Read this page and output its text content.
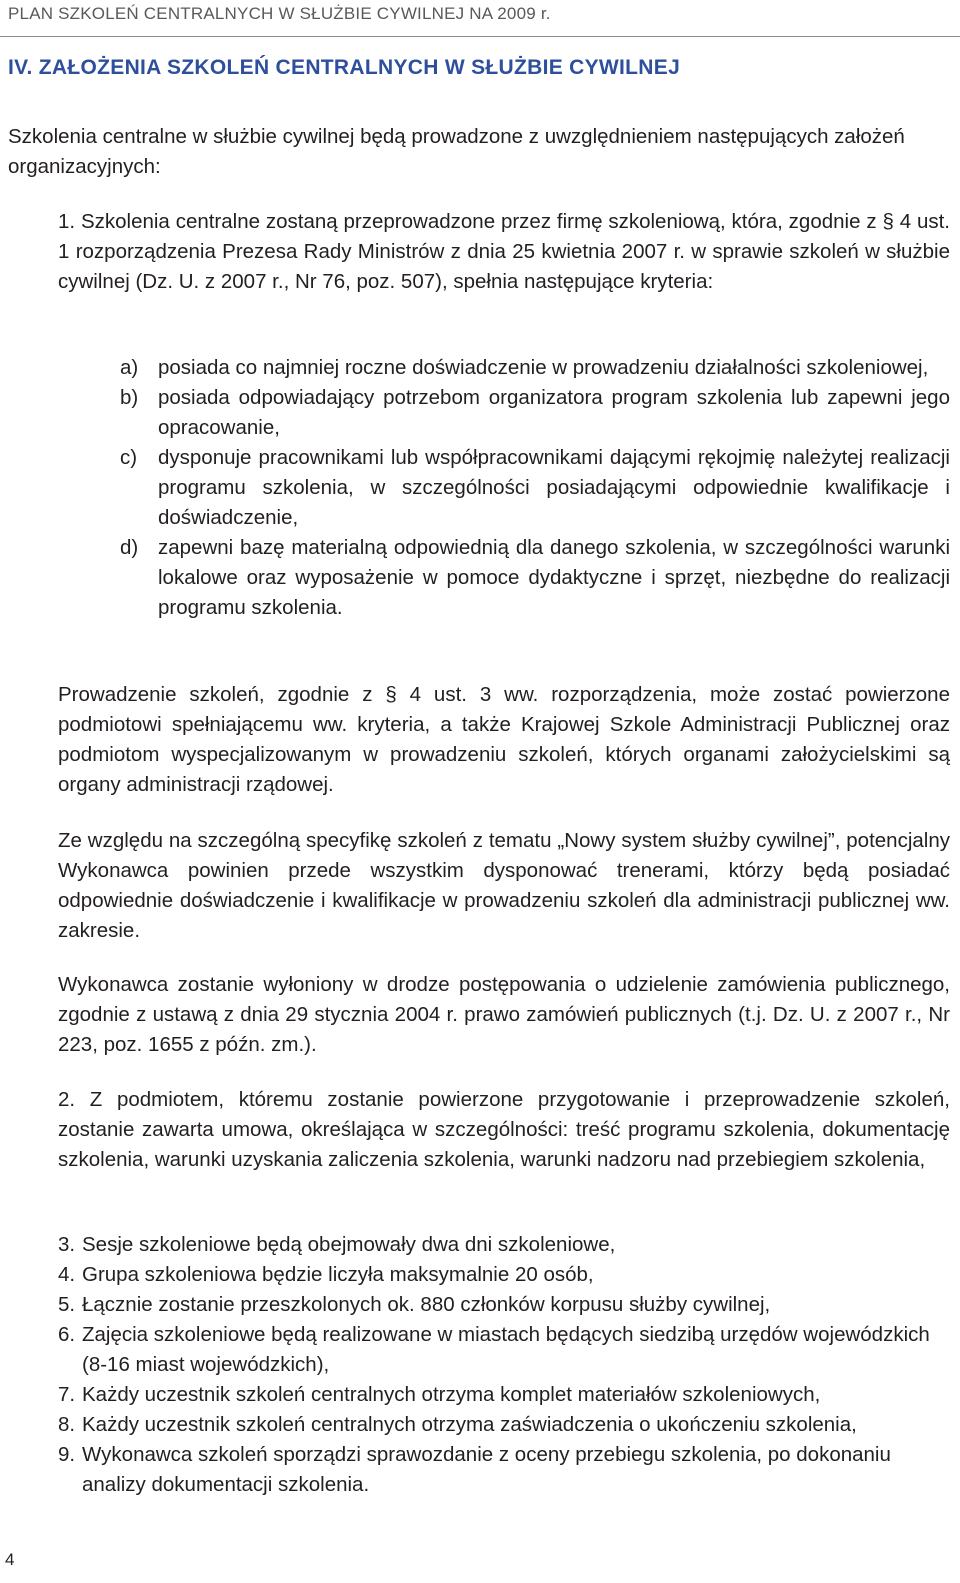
PLAN SZKOLEŃ CENTRALNYCH W SŁUŻBIE CYWILNEJ NA 2009 r.
IV. ZAŁOŻENIA SZKOLEŃ CENTRALNYCH W SŁUŻBIE CYWILNEJ

Szkolenia centralne w służbie cywilnej będą prowadzone z uwzględnieniem następujących założeń organizacyjnych:

1. Szkolenia centralne zostaną przeprowadzone przez firmę szkoleniową, która, zgodnie z § 4 ust. 1 rozporządzenia Prezesa Rady Ministrów z dnia 25 kwietnia 2007 r. w sprawie szkoleń w służbie cywilnej (Dz. U. z 2007 r., Nr 76, poz. 507), spełnia następujące kryteria:

a) posiada co najmniej roczne doświadczenie w prowadzeniu działalności szkoleniowej,
b) posiada odpowiadający potrzebom organizatora program szkolenia lub zapewni jego opracowanie,
c) dysponuje pracownikami lub współpracownikami dającymi rękojmię należytej realizacji programu szkolenia, w szczególności posiadającymi odpowiednie kwalifikacje i doświadczenie,
d) zapewni bazę materialną odpowiednią dla danego szkolenia, w szczególności warunki lokalowe oraz wyposażenie w pomoce dydaktyczne i sprzęt, niezbędne do realizacji programu szkolenia.

Prowadzenie szkoleń, zgodnie z § 4 ust. 3 ww. rozporządzenia, może zostać powierzone podmiotowi spełniającemu ww. kryteria, a także Krajowej Szkole Administracji Publicznej oraz podmiotom wyspecjalizowanym w prowadzeniu szkoleń, których organami założycielskimi są organy administracji rządowej.

Ze względu na szczególną specyfikę szkoleń z tematu „Nowy system służby cywilnej”, potencjalny Wykonawca powinien przede wszystkim dysponować trenerami, którzy będą posiadać odpowiednie doświadczenie i kwalifikacje w prowadzeniu szkoleń dla administracji publicznej ww. zakresie.

Wykonawca zostanie wyłoniony w drodze postępowania o udzielenie zamówienia publicznego, zgodnie z ustawą z dnia 29 stycznia 2004 r. prawo zamówień publicznych (t.j. Dz. U. z 2007 r., Nr 223, poz. 1655 z późn. zm.).

2. Z podmiotem, któremu zostanie powierzone przygotowanie i przeprowadzenie szkoleń, zostanie zawarta umowa, określająca w szczególności: treść programu szkolenia, dokumentację szkolenia, warunki uzyskania zaliczenia szkolenia, warunki nadzoru nad przebiegiem szkolenia,

3. Sesje szkoleniowe będą obejmowały dwa dni szkoleniowe,
4. Grupa szkoleniowa będzie liczyła maksymalnie 20 osób,
5. Łącznie zostanie przeszkolonych ok. 880 członków korpusu służby cywilnej,
6. Zajęcia szkoleniowe będą realizowane w miastach będących siedzibą urzędów wojewódzkich (8-16 miast wojewódzkich),
7. Każdy uczestnik szkoleń centralnych otrzyma komplet materiałów szkoleniowych,
8. Każdy uczestnik szkoleń centralnych otrzyma zaświadczenia o ukończeniu szkolenia,
9. Wykonawca szkoleń sporządzi sprawozdanie z oceny przebiegu szkolenia, po dokonaniu analizy dokumentacji szkolenia.
4
